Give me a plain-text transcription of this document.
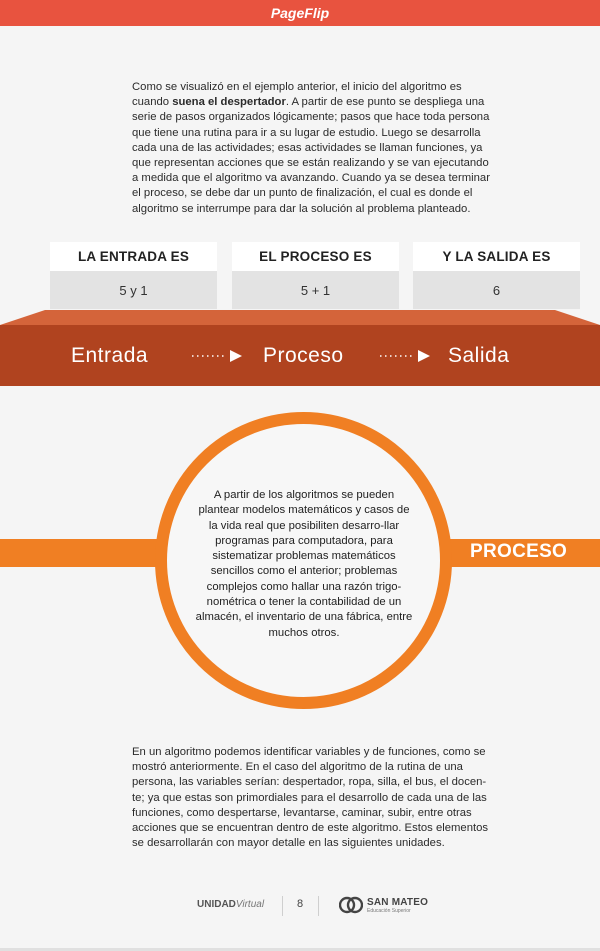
PageFlip
Como se visualizó en el ejemplo anterior, el inicio del algoritmo es cuando suena el despertador. A partir de ese punto se despliega una serie de pasos organizados lógicamente; pasos que hace toda persona que tiene una rutina para ir a su lugar de estudio. Luego se desarrolla cada una de las actividades; esas actividades se llaman funciones, ya que representan acciones que se están realizando y se van ejecutando a medida que el algoritmo va avanzando. Cuando ya se desea terminar el proceso, se debe dar un punto de finalización, el cual es donde el algoritmo se interrumpe para dar la solución al problema planteado.
LA ENTRADA ES
5 y 1
EL PROCESO ES
5 + 1
Y LA SALIDA ES
6
Entrada	Proceso	Salida
A partir de los algoritmos se pueden plantear modelos matemáticos y casos de la vida real que posibiliten desarro-llar programas para computadora, para sistematizar problemas matemáticos sencillos como el anterior; problemas complejos como hallar una razón trigo-nométrica o tener la contabilidad de un almacén, el inventario de una fábrica, entre muchos otros.
PROCESO
En un algoritmo podemos identificar variables y de funciones, como se mostró anteriormente. En el caso del algoritmo de la rutina de una persona, las variables serían: despertador, ropa, silla, el bus, el docen-te; ya que estas son primordiales para el desarrollo de cada una de las funciones, como despertarse, levantarse, caminar, subir, entre otras acciones que se encuentran dentro de este algoritmo. Estos elementos se desarrollarán con mayor detalle en las siguientes unidades.
UNIDADVirtual	8	SAN MATEO
Educación Superior
